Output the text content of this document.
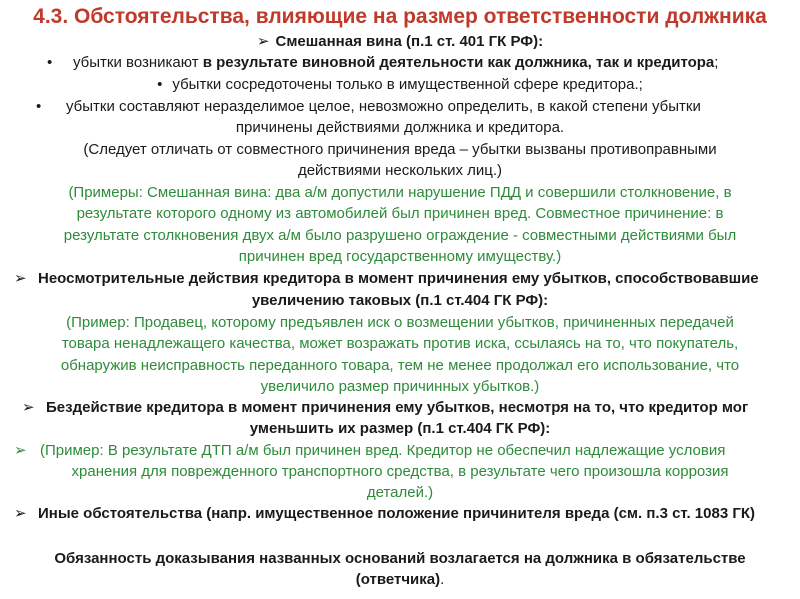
4.3. Обстоятельства, влияющие на размер ответственности должника
➢ Смешанная вина (п.1 ст. 401 ГК РФ):
• убытки возникают в результате виновной деятельности как должника, так и кредитора;
• убытки сосредоточены только в имущественной сфере кредитора.;
• убытки составляют неразделимое целое, невозможно определить, в какой степени убытки
причинены действиями должника и кредитора.
(Следует отличать от совместного причинения вреда – убытки вызваны противоправными
действиями нескольких лиц.)
(Примеры: Смешанная вина: два а/м допустили нарушение ПДД и совершили столкновение, в
результате которого одному из автомобилей был причинен вред. Совместное причинение: в
результате столкновения двух а/м было разрушено ограждение - совместными действиями был
причинен вред государственному имуществу.)
➢ Неосмотрительные действия кредитора в момент причинения ему убытков, способствовавшие
увеличению таковых (п.1 ст.404 ГК РФ):
(Пример: Продавец, которому предъявлен иск о возмещении убытков, причиненных передачей
товара ненадлежащего качества, может возражать против иска, ссылаясь на то, что покупатель,
обнаружив неисправность переданного товара, тем не менее продолжал его использование, что
увеличило размер причинных убытков.)
➢ Бездействие кредитора в момент причинения ему убытков, несмотря на то, что кредитор мог
уменьшить их размер (п.1 ст.404 ГК РФ):
➢ (Пример: В результате ДТП а/м был причинен вред. Кредитор не обеспечил надлежащие условия
хранения для поврежденного транспортного средства, в результате чего произошла коррозия
деталей.)
➢ Иные обстоятельства (напр. имущественное положение причинителя вреда (см. п.3 ст. 1083 ГК)
Обязанность доказывания названных оснований возлагается на должника в обязательстве
(ответчика).
